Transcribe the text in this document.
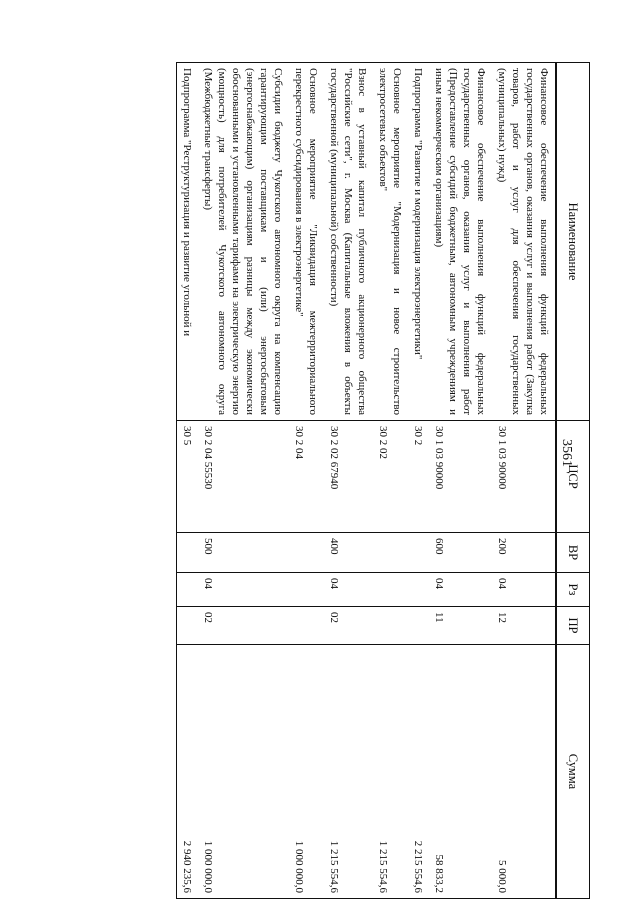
3561
Наименование	ЦСР	ВР	Рз	ПР	Сумма
Финансовое обеспечение выполнения функций федеральных государственных органов, оказания услуг и выполнения работ (Закупка товаров, работ и услуг для обеспечения государственных (муниципальных) нужд)	30 1 03 90000	200	04	12	5 000,0
Финансовое обеспечение выполнения функций федеральных государственных органов, оказания услуг и выполнения работ (Предоставление субсидий бюджетным, автономным учреждениям и иным некоммерческим организациям)	30 1 03 90000	600	04	11	58 833,2
Подпрограмма "Развитие и модернизация электроэнергетики"	30 2				2 215 554,6
Основное мероприятие "Модернизация и новое строительство электросетевых объектов"	30 2 02				1 215 554,6
Взнос в уставный капитал публичного акционерного общества "Российские сети", г. Москва (Капитальные вложения в объекты государственной (муниципальной) собственности)	30 2 02 67940	400	04	02	1 215 554,6
Основное мероприятие "Ликвидация межтерриториального перекрестного субсидирования в электроэнергетике"	30 2 04				1 000 000,0
Субсидии бюджету Чукотского автономного округа на компенсацию гарантирующим поставщикам и (или) энергосбытовым (энергоснабжающим) организациям разницы между экономически обоснованными и установленными тарифами на электрическую энергию (мощность) для потребителей Чукотского автономного округа (Межбюджетные трансферты)	30 2 04 55530	500	04	02	1 000 000,0
Подпрограмма "Реструктуризация и развитие угольной и	30 5				2 940 235,6
